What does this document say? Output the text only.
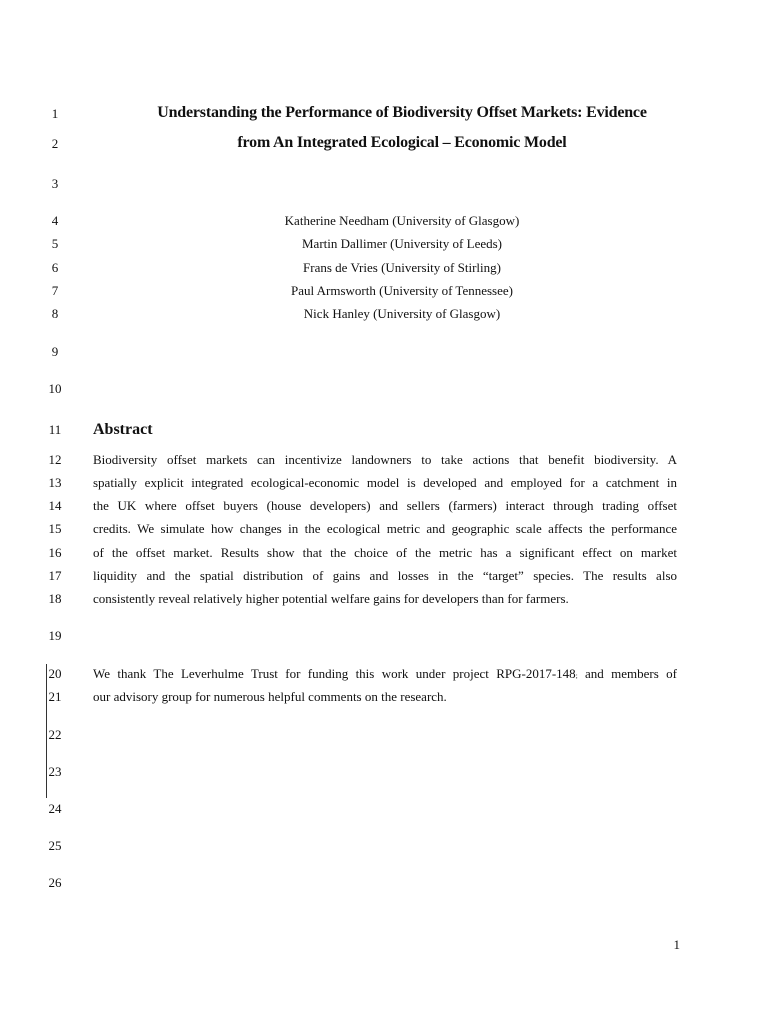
1
2
3
4
5
6
7
8
9
10
11
12
13
14
15
16
17
18
19
20
21
22
23
24
25
26
Understanding the Performance of Biodiversity Offset Markets: Evidence
from An Integrated Ecological – Economic Model
Katherine Needham (University of Glasgow)
Martin Dallimer (University of Leeds)
Frans de Vries (University of Stirling)
Paul Armsworth (University of Tennessee)
Nick Hanley (University of Glasgow)
Abstract
Biodiversity offset markets can incentivize landowners to take actions that benefit biodiversity. A
spatially explicit integrated ecological-economic model is developed and employed for a catchment in
the UK where offset buyers (house developers) and sellers (farmers) interact through trading offset
credits. We simulate how changes in the ecological metric and geographic scale affects the performance
of the offset market. Results show that the choice of the metric has a significant effect on market
liquidity and the spatial distribution of gains and losses in the “target” species. The results also
consistently reveal relatively higher potential welfare gains for developers than for farmers.
We thank The Leverhulme Trust for funding this work under project RPG-2017-148; and members of
our advisory group for numerous helpful comments on the research.
1
